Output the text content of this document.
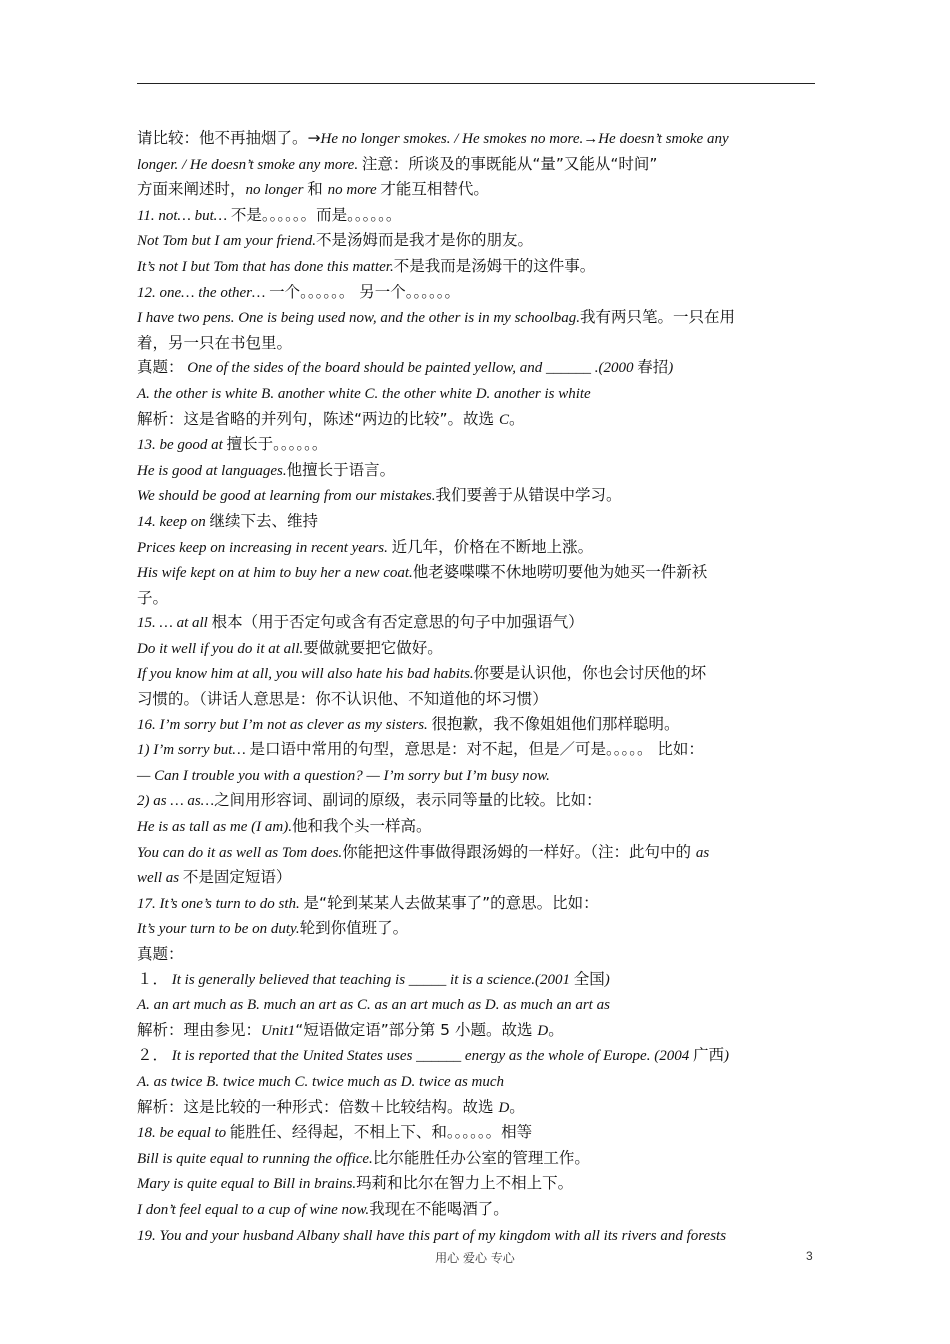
请比较：他不再抽烟了。→He no longer smokes. / He smokes no more.→He doesn’t smoke any
longer. / He doesn’t smoke any more. 注意：所谈及的事既能从“量”又能从“时间”
方面来阐述时，no longer 和 no more 才能互相替代。
11. not… but… 不是。。。。。。而是。。。。。。
Not Tom but I am your friend.不是汤姆而是我才是你的朋友。
It’s not I but Tom that has done this matter.不是我而是汤姆干的这件事。
12. one… the other… 一个。。。。。。 另一个。。。。。。
I have two pens. One is being used now, and the other is in my schoolbag.我有两只笔。一只在用
着，另一只在书包里。
真题： One of the sides of the board should be painted yellow, and ______ .(2000 春招)
A. the other is white B. another white C. the other white D. another is white
解析：这是省略的并列句，陈述“两边的比较”。故选 C。
13. be good at 擅长于。。。。。。
He is good at languages.他擅长于语言。
We should be good at learning from our mistakes.我们要善于从错误中学习。
14. keep on 继续下去、维持
Prices keep on increasing in recent years. 近几年，价格在不断地上涨。
His wife kept on at him to buy her a new coat.他老婆喋喋不休地唠叨要他为她买一件新袄
子。
15. … at all 根本（用于否定句或含有否定意思的句子中加强语气）
Do it well if you do it at all.要做就要把它做好。
If you know him at all, you will also hate his bad habits.你要是认识他，你也会讨厌他的坏
习惯的。（讲话人意思是：你不认识他、不知道他的坏习惯）
16. I’m sorry but I’m not as clever as my sisters. 很抱歉，我不像姐姐他们那样聪明。
1) I’m sorry but… 是口语中常用的句型，意思是：对不起，但是／可是。。。。。 比如：
— Can I trouble you with a question? — I’m sorry but I’m busy now.
2) as … as…之间用形容词、副词的原级，表示同等量的比较。比如：
He is as tall as me (I am).他和我个头一样高。
You can do it as well as Tom does.你能把这件事做得跟汤姆的一样好。（注：此句中的 as
well as 不是固定短语）
17. It’s one’s turn to do sth. 是“轮到某某人去做某事了”的意思。比如：
It’s your turn to be on duty.轮到你值班了。
真题：
１． It is generally believed that teaching is _____ it is a science.(2001 全国)
A. an art much as B. much an art as C. as an art much as D. as much an art as
解析：理由参见：Unit1“短语做定语”部分第 5 小题。故选 D。
２． It is reported that the United States uses ______ energy as the whole of Europe. (2004 广西)
A. as twice B. twice much C. twice much as D. twice as much
解析：这是比较的一种形式：倍数＋比较结构。故选 D。
18. be equal to 能胜任、经得起，不相上下、和。。。。。。相等
Bill is quite equal to running the office.比尔能胜任办公室的管理工作。
Mary is quite equal to Bill in brains.玛莉和比尔在智力上不相上下。
I don’t feel equal to a cup of wine now.我现在不能喝酒了。
19. You and your husband Albany shall have this part of my kingdom with all its rivers and forests
用心 爱心 专心	3
